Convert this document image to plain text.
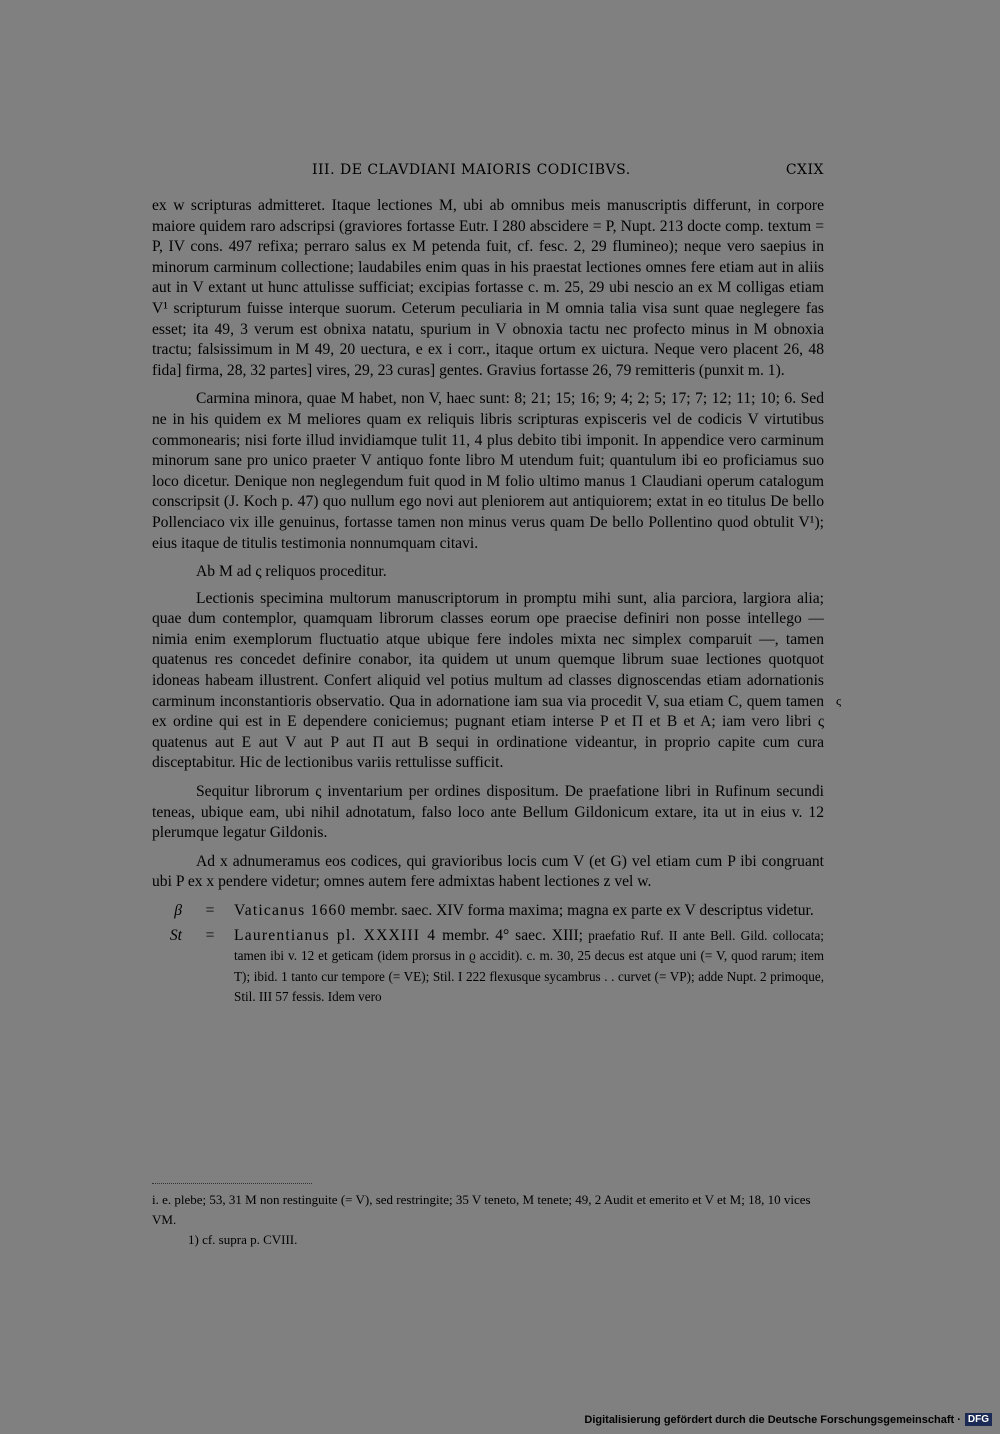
III. DE CLAVDIANI MAIORIS CODICIBVS.	CXIX

ex w scripturas admitteret. Itaque lectiones M, ubi ab omnibus meis manuscriptis differunt, in corpore maiore quidem raro adscripsi (graviores fortasse Eutr. I 280 abscidere = P, Nupt. 213 docte comp. textum = P, IV cons. 497 refixa; perraro salus ex M petenda fuit, cf. fesc. 2, 29 flumineo); neque vero saepius in minorum carminum collectione; laudabiles enim quas in his praestat lectiones omnes fere etiam aut in aliis aut in V extant ut hunc attulisse sufficiat; excipias fortasse c. m. 25, 29 ubi nescio an ex M colligas etiam V¹ scripturum fuisse interque suorum. Ceterum peculiaria in M omnia talia visa sunt quae neglegere fas esset; ita 49, 3 verum est obnixa natatu, spurium in V obnoxia tactu nec profecto minus in M obnoxia tractu; falsissimum in M 49, 20 uectura, e ex i corr., itaque ortum ex uictura. Neque vero placent 26, 48 fida] firma, 28, 32 partes] vires, 29, 23 curas] gentes. Gravius fortasse 26, 79 remitteris (punxit m. 1).

Carmina minora, quae M habet, non V, haec sunt: 8; 21; 15; 16; 9; 4; 2; 5; 17; 7; 12; 11; 10; 6. Sed ne in his quidem ex M meliores quam ex reliquis libris scripturas expisceris vel de codicis V virtutibus commonearis; nisi forte illud invidiamque tulit 11, 4 plus debito tibi imponit. In appendice vero carminum minorum sane pro unico praeter V antiquo fonte libro M utendum fuit; quantulum ibi eo proficiamus suo loco dicetur. Denique non neglegendum fuit quod in M folio ultimo manus 1 Claudiani operum catalogum conscripsit (J. Koch p. 47) quo nullum ego novi aut pleniorem aut antiquiorem; extat in eo titulus De bello Pollenciaco vix ille genuinus, fortasse tamen non minus verus quam De bello Pollentino quod obtulit V¹); eius itaque de titulis testimonia nonnumquam citavi.

Ab M ad ς reliquos proceditur.

Lectionis specimina multorum manuscriptorum in promptu mihi sunt, alia parciora, largiora alia; quae dum contemplor, quamquam librorum classes eorum ope praecise definiri non posse intellego — nimia enim exemplorum fluctuatio atque ubique fere indoles mixta nec simplex comparuit —, tamen quatenus res concedet definire conabor, ita quidem ut unum quemque librum suae lectiones quotquot idoneas habeam illustrent. Confert aliquid vel potius multum ad classes dignoscendas etiam adornationis carminum inconstantioris observatio. Qua in adornatione iam sua via procedit V, sua etiam C, quem tamen ex ordine qui est in E dependere coniciemus; pugnant etiam interse P et Π et B et A; iam vero libri ς quatenus aut E aut V aut P aut Π aut B sequi in ordinatione videantur, in proprio capite cum cura disceptabitur. Hic de lectionibus variis rettulisse sufficit.

Sequitur librorum ς inventarium per ordines dispositum. De praefatione libri in Rufinum secundi teneas, ubique eam, ubi nihil adnotatum, falso loco ante Bellum Gildonicum extare, ita ut in eius v. 12 plerumque legatur Gildonis.

Ad x adnumeramus eos codices, qui gravioribus locis cum V (et G) vel etiam cum P ibi congruant ubi P ex x pendere videtur; omnes autem fere admixtas habent lectiones z vel w.

β	=	Vaticanus 1660 membr. saec. XIV forma maxima; magna ex parte ex V descriptus videtur.
St	=	Laurentianus pl. XXXIII 4 membr. 4° saec. XIII; praefatio Ruf. II ante Bell. Gild. collocata; tamen ibi v. 12 et geticam (idem prorsus in ϱ accidit). c. m. 30, 25 decus est atque uni (= V, quod rarum; item T); ibid. 1 tanto cur tempore (= VE); Stil. I 222 flexusque sycambrus . . curvet (= VP); adde Nupt. 2 primoque, Stil. III 57 fessis. Idem vero
ς

i. e. plebe; 53, 31 M non restinguite (= V), sed restringite; 35 V teneto, M tenete; 49, 2 Audit et emerito et V et M; 18, 10 vices VM.

1) cf. supra p. CVIII.

Digitalisierung gefördert durch die Deutsche Forschungsgemeinschaft · DFG
